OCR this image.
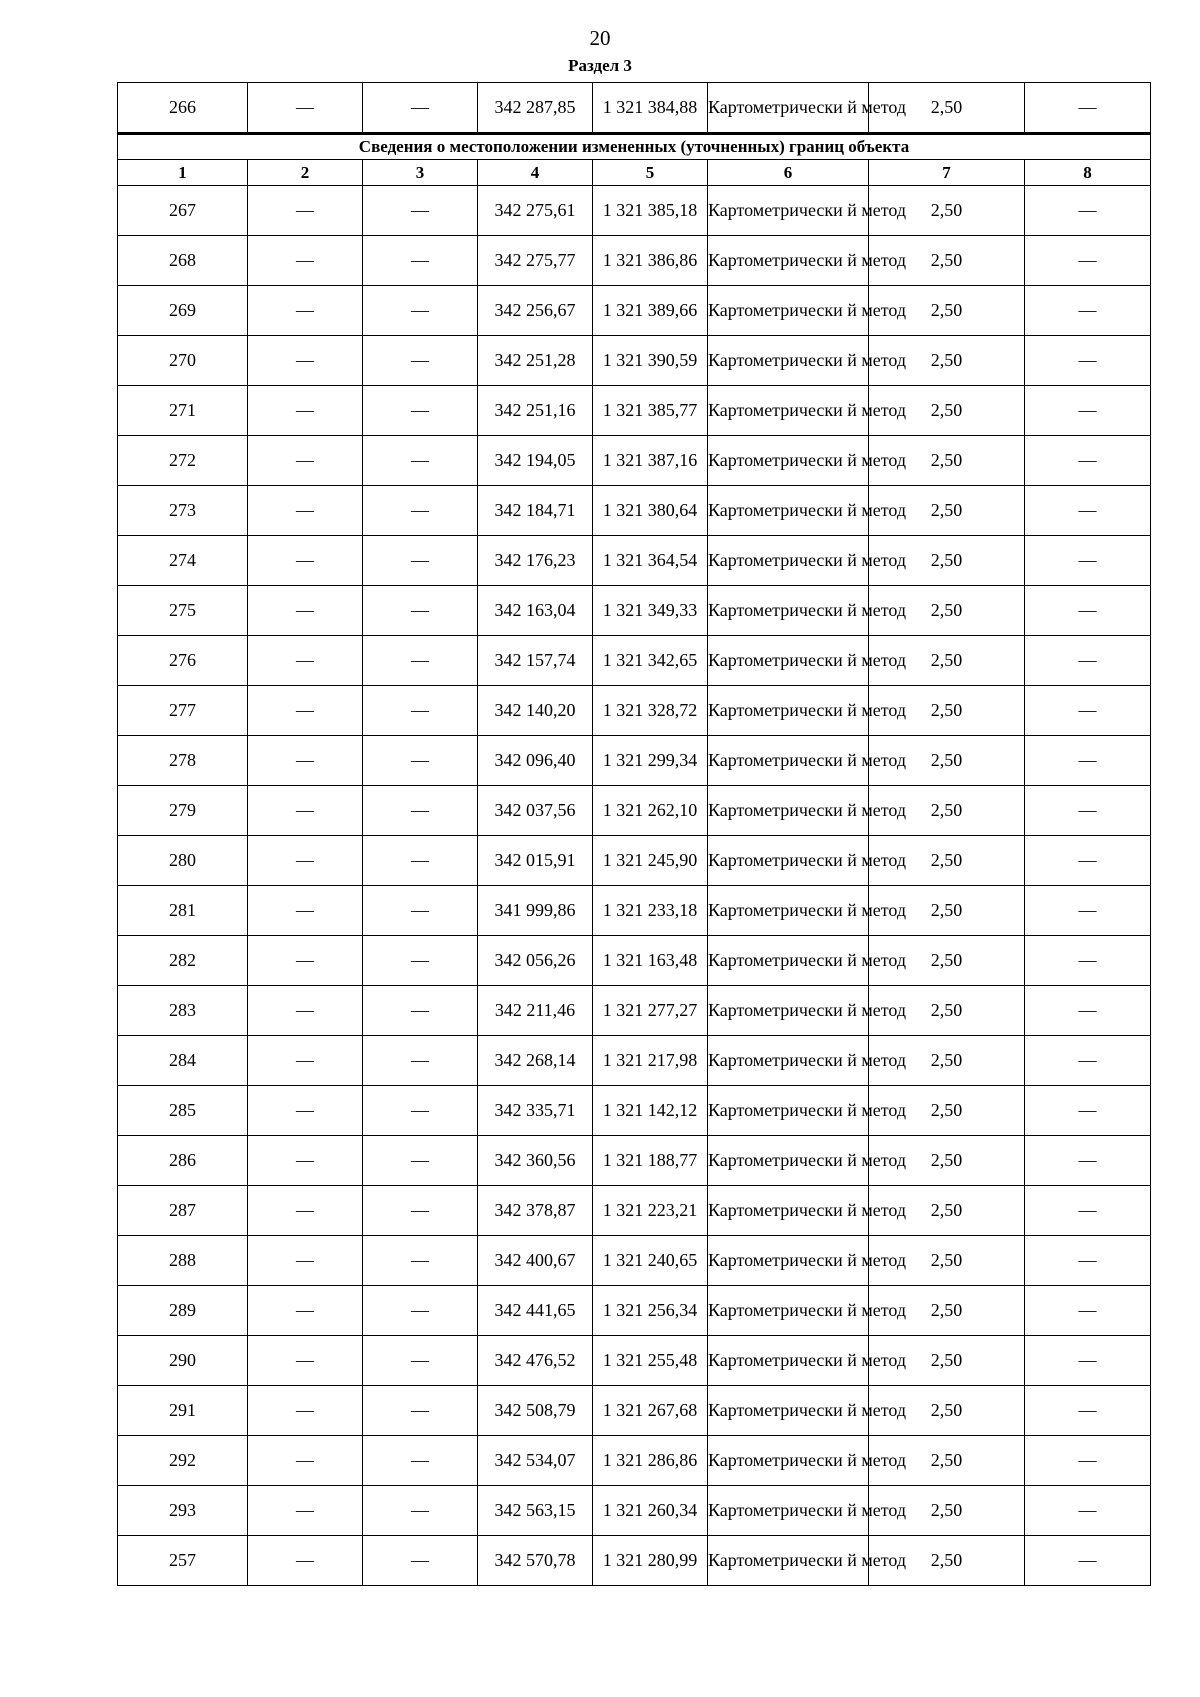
20
Раздел 3
266	—	—	342 287,85	1 321 384,88	Картометрически й метод	2,50	—
Сведения о местоположении измененных (уточненных) границ объекта							
1	2	3	4	5	6	7	8
267	—	—	342 275,61	1 321 385,18	Картометрически й метод	2,50	—
268	—	—	342 275,77	1 321 386,86	Картометрически й метод	2,50	—
269	—	—	342 256,67	1 321 389,66	Картометрически й метод	2,50	—
270	—	—	342 251,28	1 321 390,59	Картометрически й метод	2,50	—
271	—	—	342 251,16	1 321 385,77	Картометрически й метод	2,50	—
272	—	—	342 194,05	1 321 387,16	Картометрически й метод	2,50	—
273	—	—	342 184,71	1 321 380,64	Картометрически й метод	2,50	—
274	—	—	342 176,23	1 321 364,54	Картометрически й метод	2,50	—
275	—	—	342 163,04	1 321 349,33	Картометрически й метод	2,50	—
276	—	—	342 157,74	1 321 342,65	Картометрически й метод	2,50	—
277	—	—	342 140,20	1 321 328,72	Картометрически й метод	2,50	—
278	—	—	342 096,40	1 321 299,34	Картометрически й метод	2,50	—
279	—	—	342 037,56	1 321 262,10	Картометрически й метод	2,50	—
280	—	—	342 015,91	1 321 245,90	Картометрически й метод	2,50	—
281	—	—	341 999,86	1 321 233,18	Картометрически й метод	2,50	—
282	—	—	342 056,26	1 321 163,48	Картометрически й метод	2,50	—
283	—	—	342 211,46	1 321 277,27	Картометрически й метод	2,50	—
284	—	—	342 268,14	1 321 217,98	Картометрически й метод	2,50	—
285	—	—	342 335,71	1 321 142,12	Картометрически й метод	2,50	—
286	—	—	342 360,56	1 321 188,77	Картометрически й метод	2,50	—
287	—	—	342 378,87	1 321 223,21	Картометрически й метод	2,50	—
288	—	—	342 400,67	1 321 240,65	Картометрически й метод	2,50	—
289	—	—	342 441,65	1 321 256,34	Картометрически й метод	2,50	—
290	—	—	342 476,52	1 321 255,48	Картометрически й метод	2,50	—
291	—	—	342 508,79	1 321 267,68	Картометрически й метод	2,50	—
292	—	—	342 534,07	1 321 286,86	Картометрически й метод	2,50	—
293	—	—	342 563,15	1 321 260,34	Картометрически й метод	2,50	—
257	—	—	342 570,78	1 321 280,99	Картометрически й метод	2,50	—
